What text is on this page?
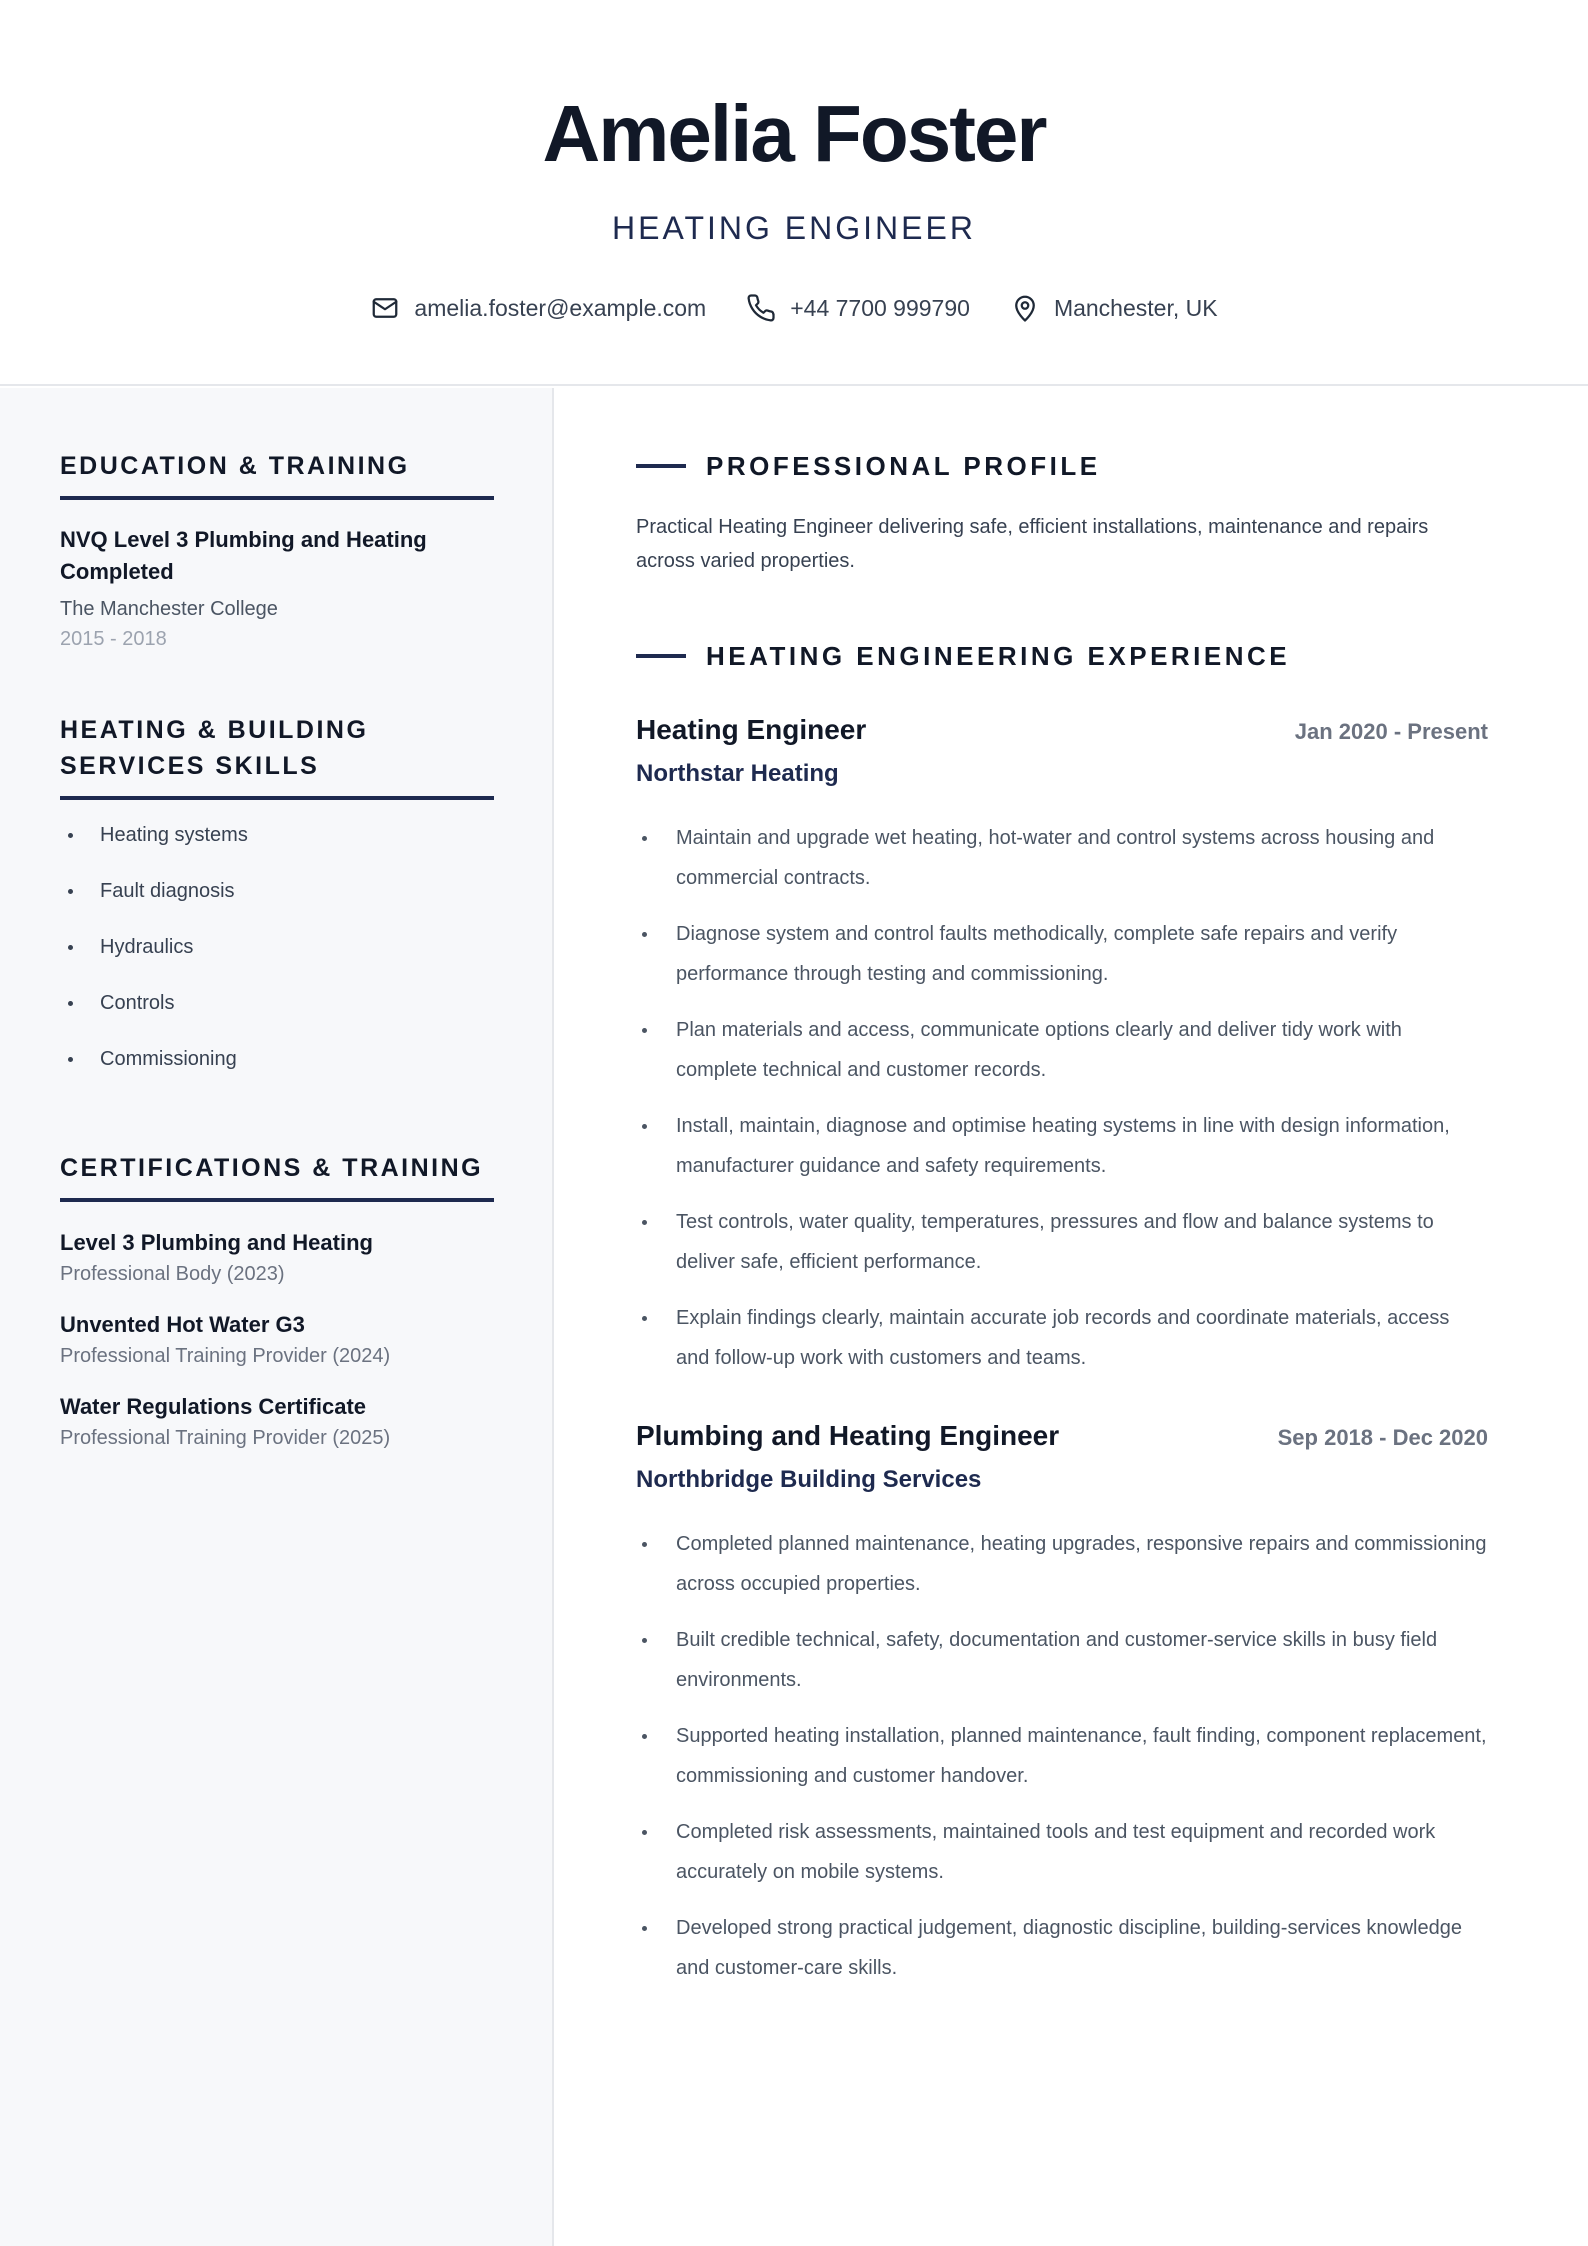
Amelia Foster
HEATING ENGINEER
amelia.foster@example.com	+44 7700 999790	Manchester, UK
EDUCATION & TRAINING
NVQ Level 3 Plumbing and Heating Completed
The Manchester College
2015 - 2018
HEATING & BUILDING SERVICES SKILLS
Heating systems
Fault diagnosis
Hydraulics
Controls
Commissioning
CERTIFICATIONS & TRAINING
Level 3 Plumbing and Heating
Professional Body (2023)
Unvented Hot Water G3
Professional Training Provider (2024)
Water Regulations Certificate
Professional Training Provider (2025)
PROFESSIONAL PROFILE
Practical Heating Engineer delivering safe, efficient installations, maintenance and repairs across varied properties.
HEATING ENGINEERING EXPERIENCE
Heating Engineer	Jan 2020 - Present
Northstar Heating
Maintain and upgrade wet heating, hot-water and control systems across housing and commercial contracts.
Diagnose system and control faults methodically, complete safe repairs and verify performance through testing and commissioning.
Plan materials and access, communicate options clearly and deliver tidy work with complete technical and customer records.
Install, maintain, diagnose and optimise heating systems in line with design information, manufacturer guidance and safety requirements.
Test controls, water quality, temperatures, pressures and flow and balance systems to deliver safe, efficient performance.
Explain findings clearly, maintain accurate job records and coordinate materials, access and follow-up work with customers and teams.
Plumbing and Heating Engineer	Sep 2018 - Dec 2020
Northbridge Building Services
Completed planned maintenance, heating upgrades, responsive repairs and commissioning across occupied properties.
Built credible technical, safety, documentation and customer-service skills in busy field environments.
Supported heating installation, planned maintenance, fault finding, component replacement, commissioning and customer handover.
Completed risk assessments, maintained tools and test equipment and recorded work accurately on mobile systems.
Developed strong practical judgement, diagnostic discipline, building-services knowledge and customer-care skills.
